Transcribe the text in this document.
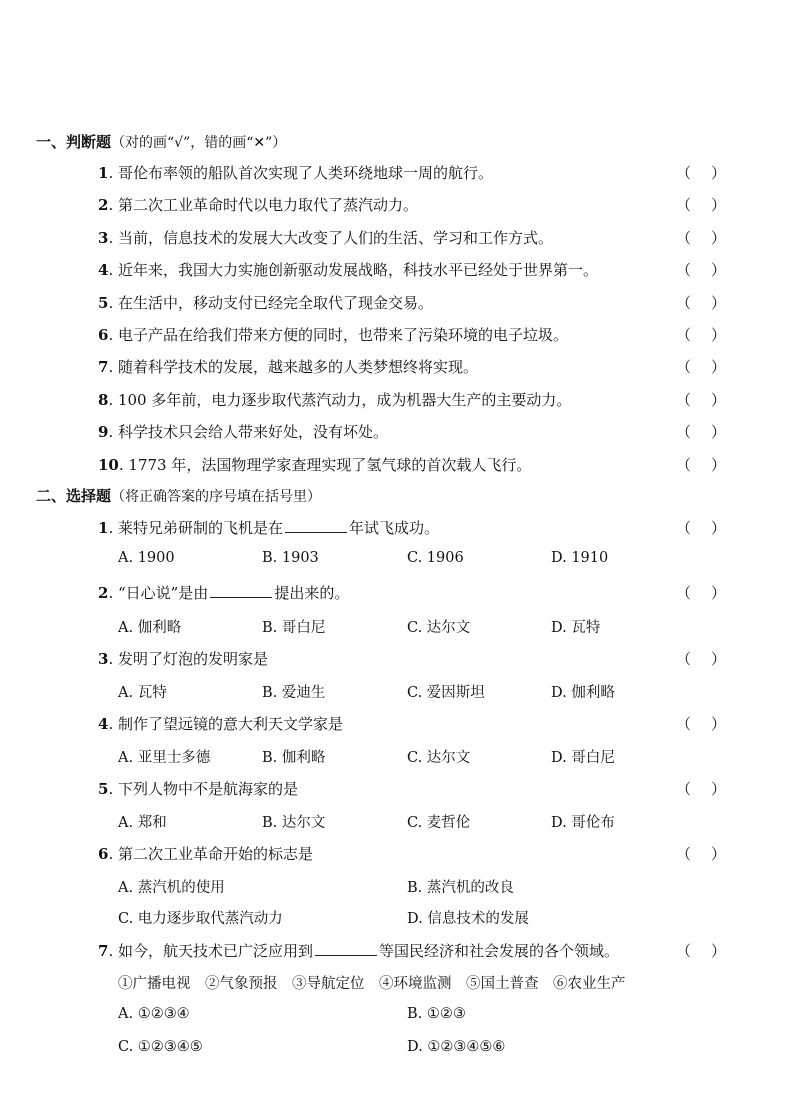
一、判断题（对的画“√”，错的画“✕”）
1. 哥伦布率领的船队首次实现了人类环绕地球一周的航行。	（ ）
2. 第二次工业革命时代以电力取代了蒸汽动力。	（ ）
3. 当前，信息技术的发展大大改变了人们的生活、学习和工作方式。	（ ）
4. 近年来，我国大力实施创新驱动发展战略，科技水平已经处于世界第一。	（ ）
5. 在生活中，移动支付已经完全取代了现金交易。	（ ）
6. 电子产品在给我们带来方便的同时，也带来了污染环境的电子垃圾。	（ ）
7. 随着科学技术的发展，越来越多的人类梦想终将实现。	（ ）
8. 100 多年前，电力逐步取代蒸汽动力，成为机器大生产的主要动力。	（ ）
9. 科学技术只会给人带来好处，没有坏处。	（ ）
10. 1773 年，法国物理学家查理实现了氢气球的首次载人飞行。	（ ）
二、选择题（将正确答案的序号填在括号里）
1. 莱特兄弟研制的飞机是在	年试飞成功。	（ ）
A. 1900	B. 1903	C. 1906	D. 1910
2. “日心说”是由	提出来的。	（ ）
A. 伽利略	B. 哥白尼	C. 达尔文	D. 瓦特
3. 发明了灯泡的发明家是	（ ）
A. 瓦特	B. 爱迪生	C. 爱因斯坦	D. 伽利略
4. 制作了望远镜的意大利天文学家是	（ ）
A. 亚里士多德	B. 伽利略	C. 达尔文	D. 哥白尼
5. 下列人物中不是航海家的是	（ ）
A. 郑和	B. 达尔文	C. 麦哲伦	D. 哥伦布
6. 第二次工业革命开始的标志是	（ ）
A. 蒸汽机的使用	B. 蒸汽机的改良
C. 电力逐步取代蒸汽动力	D. 信息技术的发展
7. 如今，航天技术已广泛应用到	等国民经济和社会发展的各个领域。	（ ）
①广播电视　②气象预报　③导航定位　④环境监测　⑤国土普查　⑥农业生产
A. ①②③④	B. ①②③
C. ①②③④⑤	D. ①②③④⑤⑥
